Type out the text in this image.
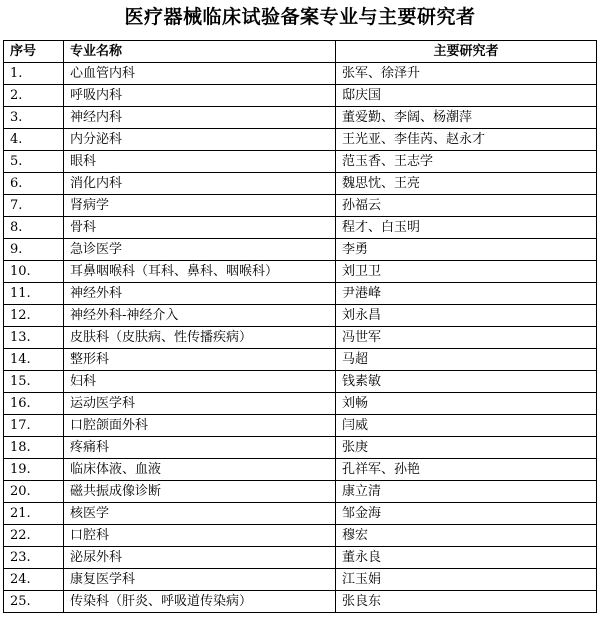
医疗器械临床试验备案专业与主要研究者
序号	专业名称	主要研究者
1.	心血管内科	张军、徐泽升
2.	呼吸内科	邸庆国
3.	神经内科	董爱勤、李阔、杨潮萍
4.	内分泌科	王光亚、李佳芮、赵永才
5.	眼科	范玉香、王志学
6.	消化内科	魏思忱、王亮
7.	肾病学	孙福云
8.	骨科	程才、白玉明
9.	急诊医学	李勇
10.	耳鼻咽喉科（耳科、鼻科、咽喉科）	刘卫卫
11.	神经外科	尹港峰
12.	神经外科-神经介入	刘永昌
13.	皮肤科（皮肤病、性传播疾病）	冯世军
14.	整形科	马超
15.	妇科	钱素敏
16.	运动医学科	刘畅
17.	口腔颌面外科	闫威
18.	疼痛科	张庚
19.	临床体液、血液	孔祥军、孙艳
20.	磁共振成像诊断	康立清
21.	核医学	邹金海
22.	口腔科	穆宏
23.	泌尿外科	董永良
24.	康复医学科	江玉娟
25.	传染科（肝炎、呼吸道传染病）	张良东
